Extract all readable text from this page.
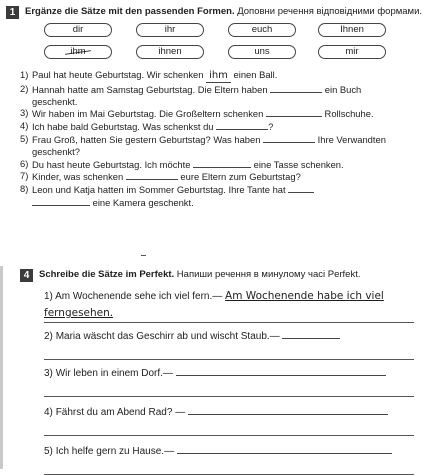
1	Ergänze die Sätze mit den passenden Formen. Доповни речення відповідними формами.
dir	ihr	euch	Ihnen
ihm	ihnen	uns	mir
1) Paul hat heute Geburtstag. Wir schenken ihm einen Ball.
2) Hannah hatte am Samstag Geburtstag. Die Eltern haben	ein Buch geschenkt.
3) Wir haben im Mai Geburtstag. Die Großeltern schenken	Rollschuhe.
4) Ich habe bald Geburtstag. Was schenkst du	?
5) Frau Groß, hatten Sie gestern Geburtstag? Was haben	Ihre Verwandten geschenkt?
6) Du hast heute Geburtstag. Ich möchte	eine Tasse schenken.
7) Kinder, was schenken	eure Eltern zum Geburtstag?
8) Leon und Katja hatten im Sommer Geburtstag. Ihre Tante hat
eine Kamera geschenkt.
4	Schreibe die Sätze im Perfekt. Напиши речення в минулому часі Perfekt.
1) Am Wochenende sehe ich viel fern.— Am Wochenende habe ich viel
ferngesehen.
2) Maria wäscht das Geschirr ab und wischt Staub.—
3) Wir leben in einem Dorf.—
4) Fährst du am Abend Rad? —
5) Ich helfe gern zu Hause.—
